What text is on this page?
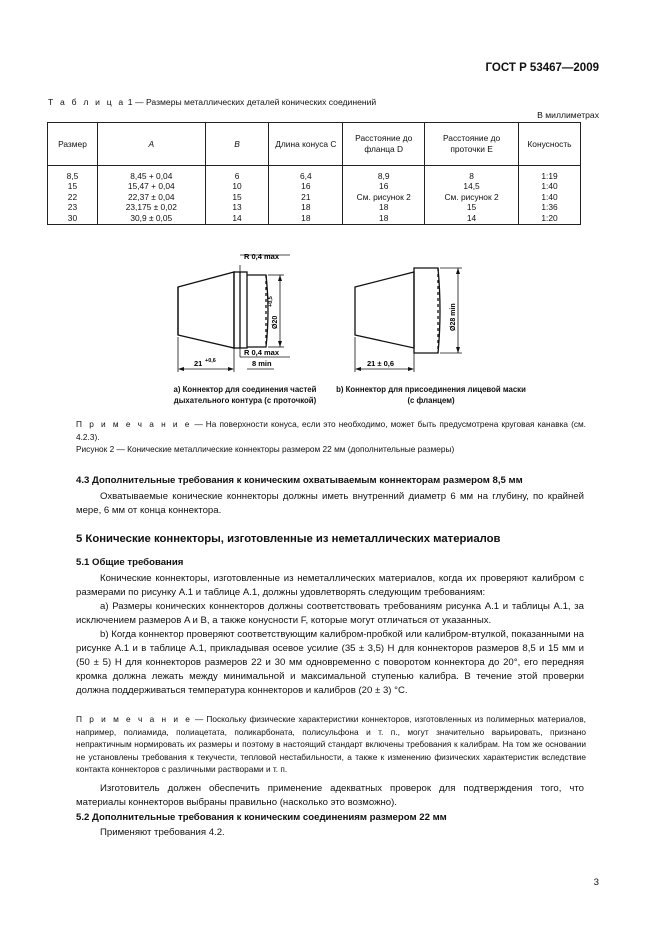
ГОСТ Р 53467—2009
Т а б л и ц а 1 — Размеры металлических деталей конических соединений
В миллиметрах
Размер	A	B	Длина конуса C	Расстояние до фланца D	Расстояние до проточки E	Конусность
8,5	8,45 + 0,04	6	6,4	8,9	8	1:19
15	15,47 + 0,04	10	16	16	14,5	1:40
22	22,37 ± 0,04	15	21	См. рисунок 2	См. рисунок 2	1:40
23	23,175 ± 0,02	13	18	18	15	1:36
30	30,9 ± 0,05	14	18	18	14	1:20
R 0,4 max
R 0,4 max
21 +0,6	8 min
Ø20
+0,5
21 ± 0,6
Ø28 min
а) Коннектор для соединения частей дыхательного контура (с проточкой)
b) Коннектор для присоединения лицевой маски (с фланцем)
П р и м е ч а н и е — На поверхности конуса, если это необходимо, может быть предусмотрена круговая канавка (см. 4.2.3).
Рисунок 2 — Конические металлические коннекторы размером 22 мм (дополнительные размеры)
4.3 Дополнительные требования к коническим охватываемым коннекторам размером 8,5 мм
Охватываемые конические коннекторы должны иметь внутренний диаметр 6 мм на глубину, по крайней мере, 6 мм от конца коннектора.
5 Конические коннекторы, изготовленные из неметаллических материалов
5.1 Общие требования
Конические коннекторы, изготовленные из неметаллических материалов, когда их проверяют калибром с размерами по рисунку А.1 и таблице А.1, должны удовлетворять следующим требованиям:
а) Размеры конических коннекторов должны соответствовать требованиям рисунка А.1 и таблицы А.1, за исключением размеров A и B, а также конусности F, которые могут отличаться от указанных.
b) Когда коннектор проверяют соответствующим калибром-пробкой или калибром-втулкой, показанными на рисунке А.1 и в таблице А.1, прикладывая осевое усилие (35 ± 3,5) Н для коннекторов размеров 8,5 и 15 мм и (50 ± 5) Н для коннекторов размеров 22 и 30 мм одновременно с поворотом коннектора до 20°, его передняя кромка должна лежать между минимальной и максимальной ступенью калибра. В течение этой проверки должна поддерживаться температура коннекторов и калибров (20 ± 3) °С.
П р и м е ч а н и е — Поскольку физические характеристики коннекторов, изготовленных из полимерных материалов, например, полиамида, полиацетата, поликарбоната, полисульфона и т. п., могут значительно варьировать, признано непрактичным нормировать их размеры и поэтому в настоящий стандарт включены требования к калибрам. На том же основании не установлены требования к текучести, тепловой нестабильности, а также к изменению физических характеристик вследствие контакта коннекторов с различными растворами и т. п.
Изготовитель должен обеспечить применение адекватных проверок для подтверждения того, что материалы коннекторов выбраны правильно (насколько это возможно).
5.2 Дополнительные требования к коническим соединениям размером 22 мм
Применяют требования 4.2.
3
